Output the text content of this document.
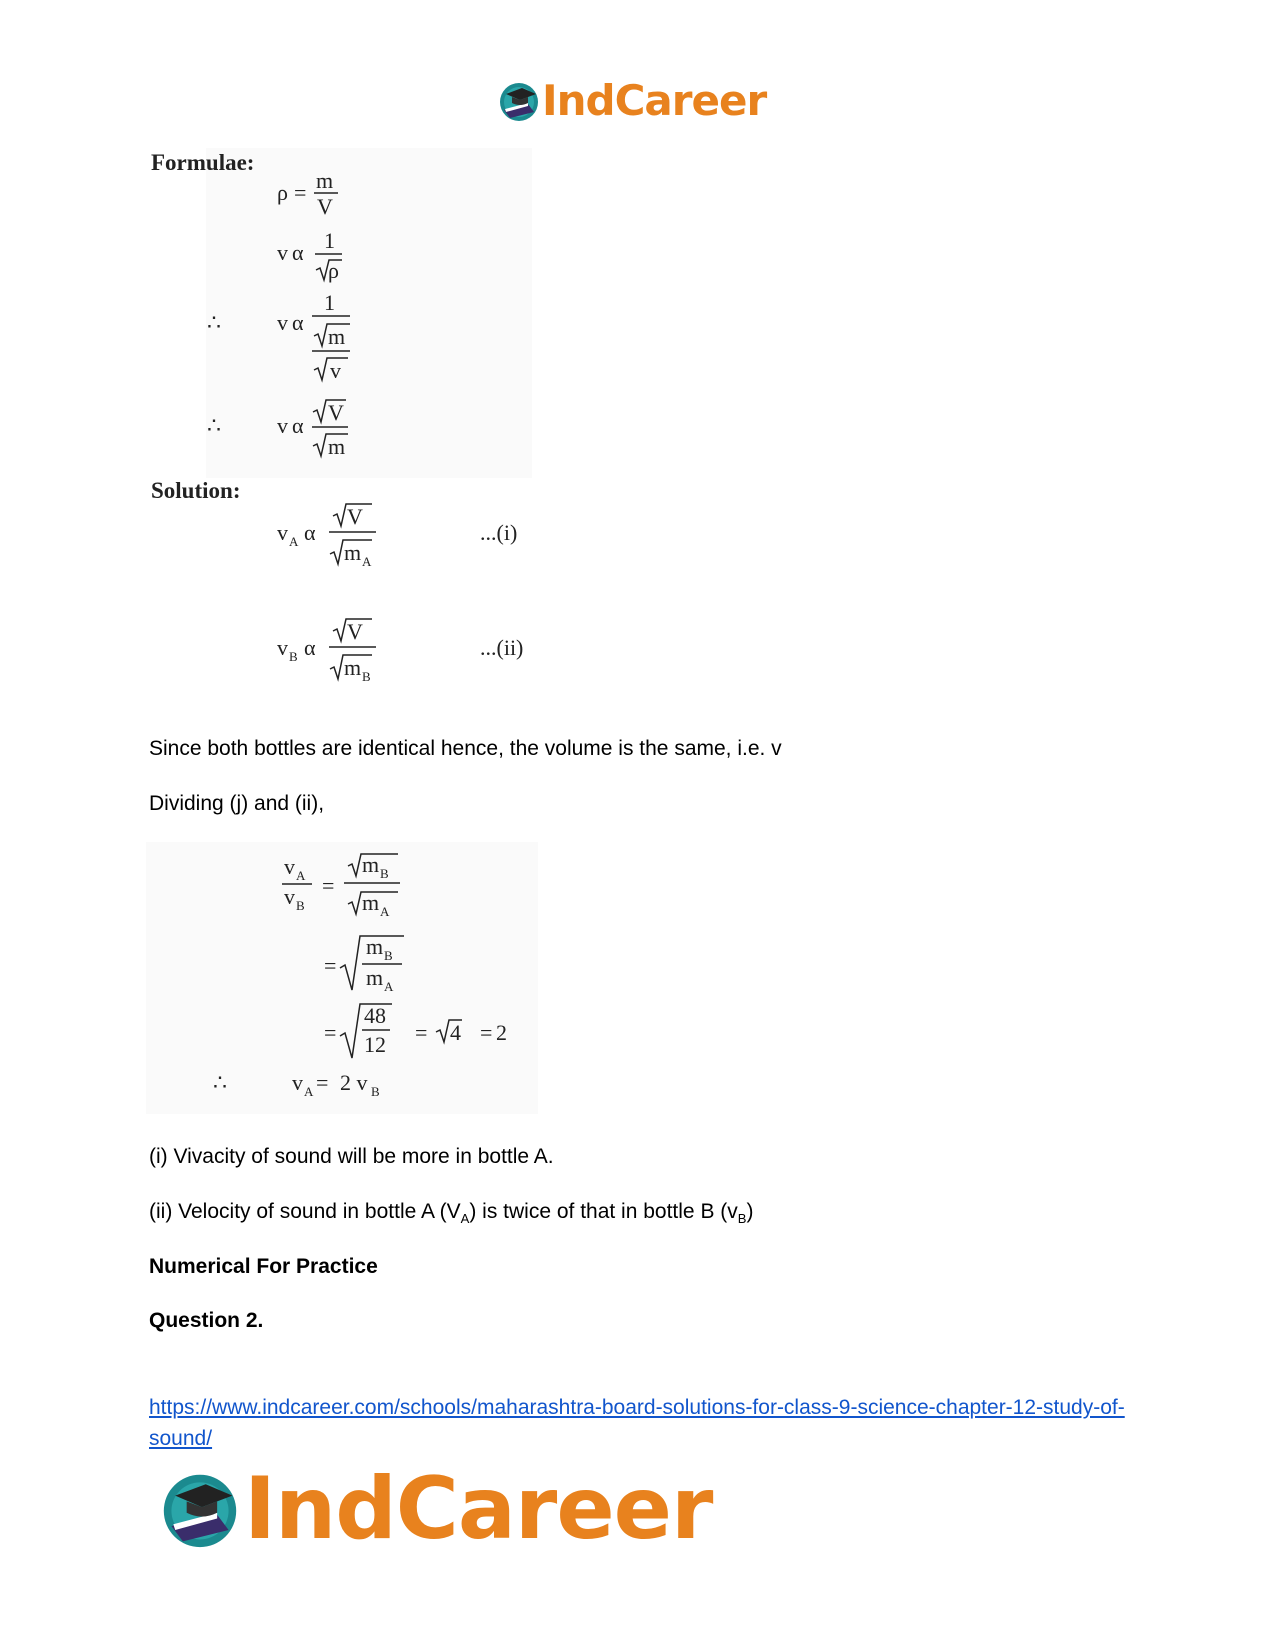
IndCareer
Formulae:
ρ = m
V
v α 1
ρ
∴	v α
1
m
v
∴	v α
V
m
Solution:
v A α
V
m A
...(i)
v B α
V
m B
...(ii)
Since both bottles are identical hence, the volume is the same, i.e. v
Dividing (j) and (ii),
v A
v B
=
m B
m A
=
m B
m A
=
48
12 = 4 = 2
∴	v A = 2 v B
(i) Vivacity of sound will be more in bottle A.
(ii) Velocity of sound in bottle A $(V_A)$ is twice of that in bottle B $(v_B)$
Numerical For Practice
Question 2.
https://www.indcareer.com/schools/maharashtra-board-solutions-for-class-9-science-chapter-12-study-of-sound/
IndCareer
